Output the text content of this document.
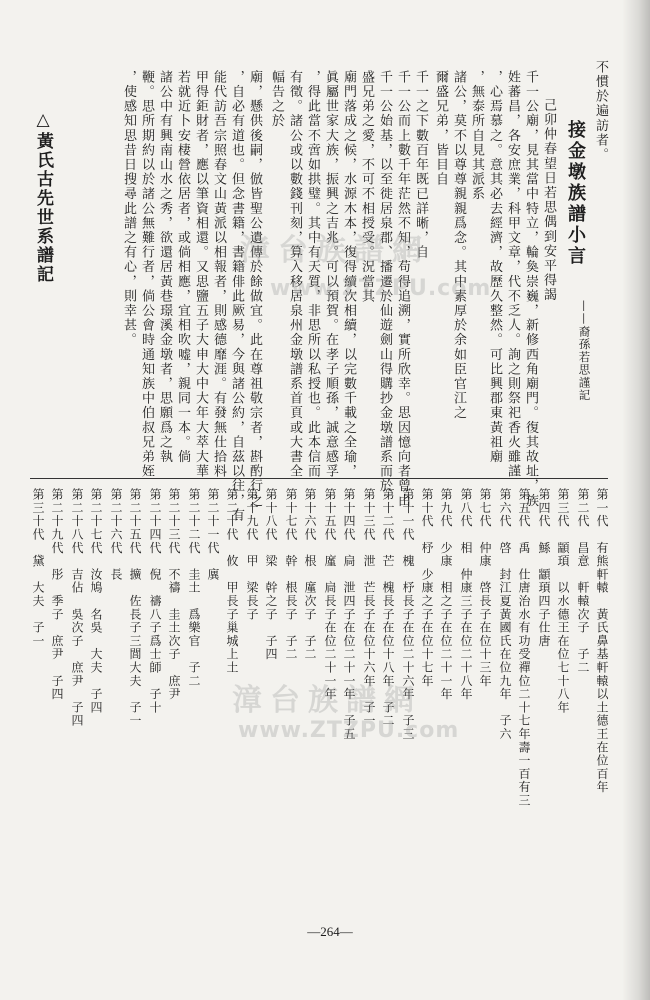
不慣於遍訪者。
接金墩族譜小言
——裔孫若思謹記
己卯仲春望日若思偶到安平得謁
千一公廟，見其當中特立，輪奐崇巍，新修西角廟門。復其故址，族
姓蕃昌，各安庶業，科甲文章，代不乏人。詢之則祭祀香火雖謹
，心焉慕之。意其必去經濟，故歷久整然。可比興郡東黃祖廟
，無泰所自見其派系
諸公，莫不以尊尊親親爲念。其中素厚於余如臣官江之
爾盛兄弟，皆目自
千一之下數百年既已詳晰，自
千一公而上數千年茫然不知，苟得追溯，實所欣幸。思因憶向者曾由
千一公始基，以至徙居泉郡、播遷於仙遊劍山得購抄金墩譜系而於
盛兄弟之愛，不可不相授受。況當其
廟門落成之候，水源木本，復得續次相續，以完數千載之全瑜，
眞屬世家大族，振興之吉兆。可以預賀。在孝子順孫，誠意感孚
，得此當不啻如拱璧。其中有天質，非思所以私授也。此本信而
有徵。諸公或以數錢刊刻，算入移居泉州金墩譜系首頁或大書全
幅告之於
廟，懸供後嗣，倣皆聖公遺傳於餘做宜。此在尊祖敬宗者，斟酌行之
，自必有道也。但念書籍，書籍俳此厥易，今與諸公約，自茲以往，有
能代訪吾宗照春文山黃派以相報者，則感德靡涯。有發無仕拾料
甲得鉅財者，應以筆資相還。又思鹽五子大申大中大年大萃大華
若就近卜安棲營依居者，或倘相應，宜相吹嘘，親同一本。倘
諸公中有興南山水之秀，欲還居黃巷璟溪金墩者，思願爲之執
鞭。思所期約以於諸公無難行者，倘公會時通知族中伯叔兄弟姪
，使感知思昔日搜尋此譜之有心，則幸甚。
△黃氏古先世系譜記
第一代　有熊軒轅　黃氏鼻基軒轅以土德王在位百年
第二代　昌意　軒轅次子　子二
第三代　顓頊　以水德王在位七十八年
第四代　鯀　顓頊四子仕唐
第五代　禹　仕唐治水有功受禪位二十七年壽一百有三
第六代　啓　封江夏黃國氏在位九年　子六
第七代　仲康　啓長子在位十三年
第八代　相　仲康三子在位二十八年
第九代　少康　相之子在位二十一年
第十代　杼　少康之子在位十七年
第十一代　槐　杼長子在位二十六年　子三
第十二代　芒　槐長子在位十八年　子二
第十三代　泄　芒長子在位十六年　子一
第十四代　扃　泄四子在位二十一年　子五
第十五代　廑　扃長子在位二十一年
第十六代　根　廑次子　子二
第十七代　幹　根長子　子二
第十八代　梁　幹之子　子四
第十九代　甲　梁長子
第二十代　攸　甲長子巢城上土
第二十一代　廙
第二十二代　圭土　爲樂官　子二
第二十三代　不禱　圭土次子　庶尹
第二十四代　倪　禱八子爲士師　子十
第二十五代　擴　佐長子三閭大夫　子一
第二十六代　長
第二十七代　汝鳩　名吳　大夫　子四
第二十八代　吉佔　吳次子　庶尹　子四
第二十九代　彤　季子　庶尹　子四
第三十代　黛　大夫　子一
—264—
漳台族譜網
www.ZTZPU.com
漳台族譜網
www.ZTZPU.com
